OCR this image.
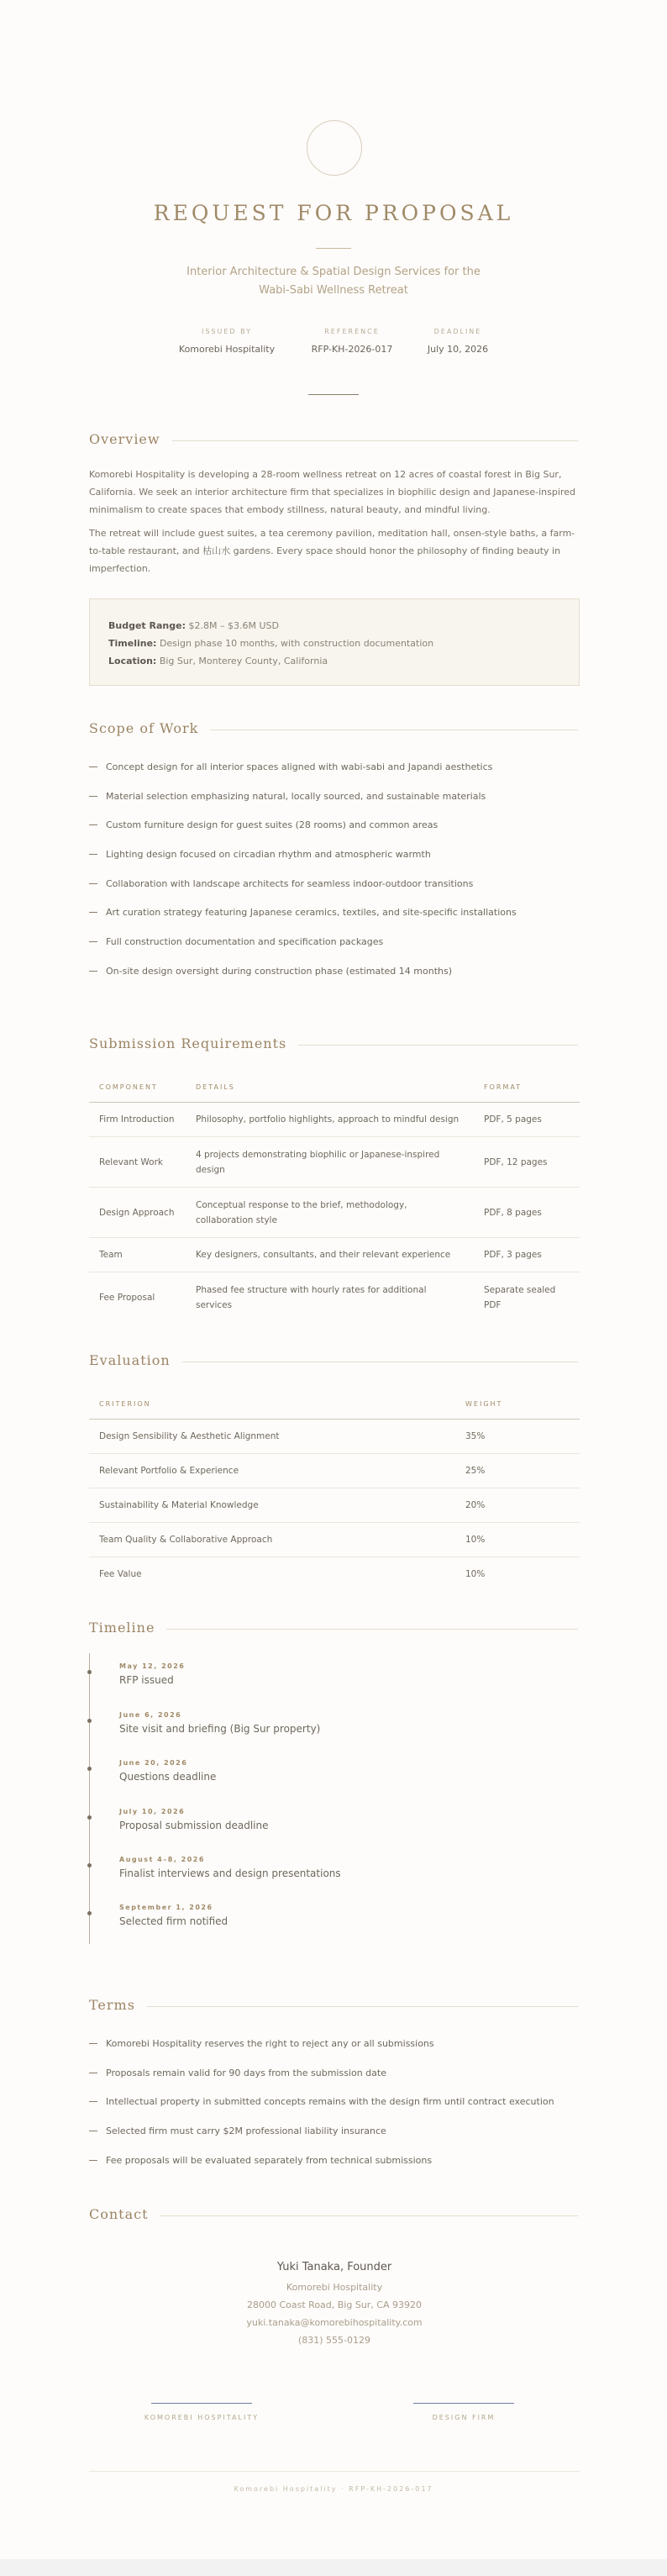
REQUEST FOR PROPOSAL
Interior Architecture & Spatial Design Services for the Wabi-Sabi Wellness Retreat
ISSUED BY
Komorebi Hospitality
REFERENCE
RFP-KH-2026-017
DEADLINE
July 10, 2026
Overview

Komorebi Hospitality is developing a 28-room wellness retreat on 12 acres of coastal forest in Big Sur, California. We seek an interior architecture firm that specializes in biophilic design and Japanese-inspired minimalism to create spaces that embody stillness, natural beauty, and mindful living.

The retreat will include guest suites, a tea ceremony pavilion, meditation hall, onsen-style baths, a farm-to-table restaurant, and 枯山水 gardens. Every space should honor the philosophy of finding beauty in imperfection.

Budget Range: $2.8M – $3.6M USD
Timeline: Design phase 10 months, with construction documentation
Location: Big Sur, Monterey County, California
Scope of Work
Concept design for all interior spaces aligned with wabi-sabi and Japandi aesthetics
Material selection emphasizing natural, locally sourced, and sustainable materials
Custom furniture design for guest suites (28 rooms) and common areas
Lighting design focused on circadian rhythm and atmospheric warmth
Collaboration with landscape architects for seamless indoor-outdoor transitions
Art curation strategy featuring Japanese ceramics, textiles, and site-specific installations
Full construction documentation and specification packages
On-site design oversight during construction phase (estimated 14 months)
Submission Requirements
COMPONENT	DETAILS	FORMAT
Firm Introduction	Philosophy, portfolio highlights, approach to mindful design	PDF, 5 pages
Relevant Work	4 projects demonstrating biophilic or Japanese-inspired design	PDF, 12 pages
Design Approach	Conceptual response to the brief, methodology, collaboration style	PDF, 8 pages
Team	Key designers, consultants, and their relevant experience	PDF, 3 pages
Fee Proposal	Phased fee structure with hourly rates for additional services	Separate sealed PDF
Evaluation
CRITERION	WEIGHT
Design Sensibility & Aesthetic Alignment	35%
Relevant Portfolio & Experience	25%
Sustainability & Material Knowledge	20%
Team Quality & Collaborative Approach	10%
Fee Value	10%
Timeline
May 12, 2026
RFP issued
June 6, 2026
Site visit and briefing (Big Sur property)
June 20, 2026
Questions deadline
July 10, 2026
Proposal submission deadline
August 4–8, 2026
Finalist interviews and design presentations
September 1, 2026
Selected firm notified
Terms
Komorebi Hospitality reserves the right to reject any or all submissions
Proposals remain valid for 90 days from the submission date
Intellectual property in submitted concepts remains with the design firm until contract execution
Selected firm must carry $2M professional liability insurance
Fee proposals will be evaluated separately from technical submissions
Contact
Yuki Tanaka, Founder
Komorebi Hospitality
28000 Coast Road, Big Sur, CA 93920
yuki.tanaka@komorebihospitality.com
(831) 555-0129
KOMOREBI HOSPITALITY	DESIGN FIRM
Komorebi Hospitality · RFP-KH-2026-017
